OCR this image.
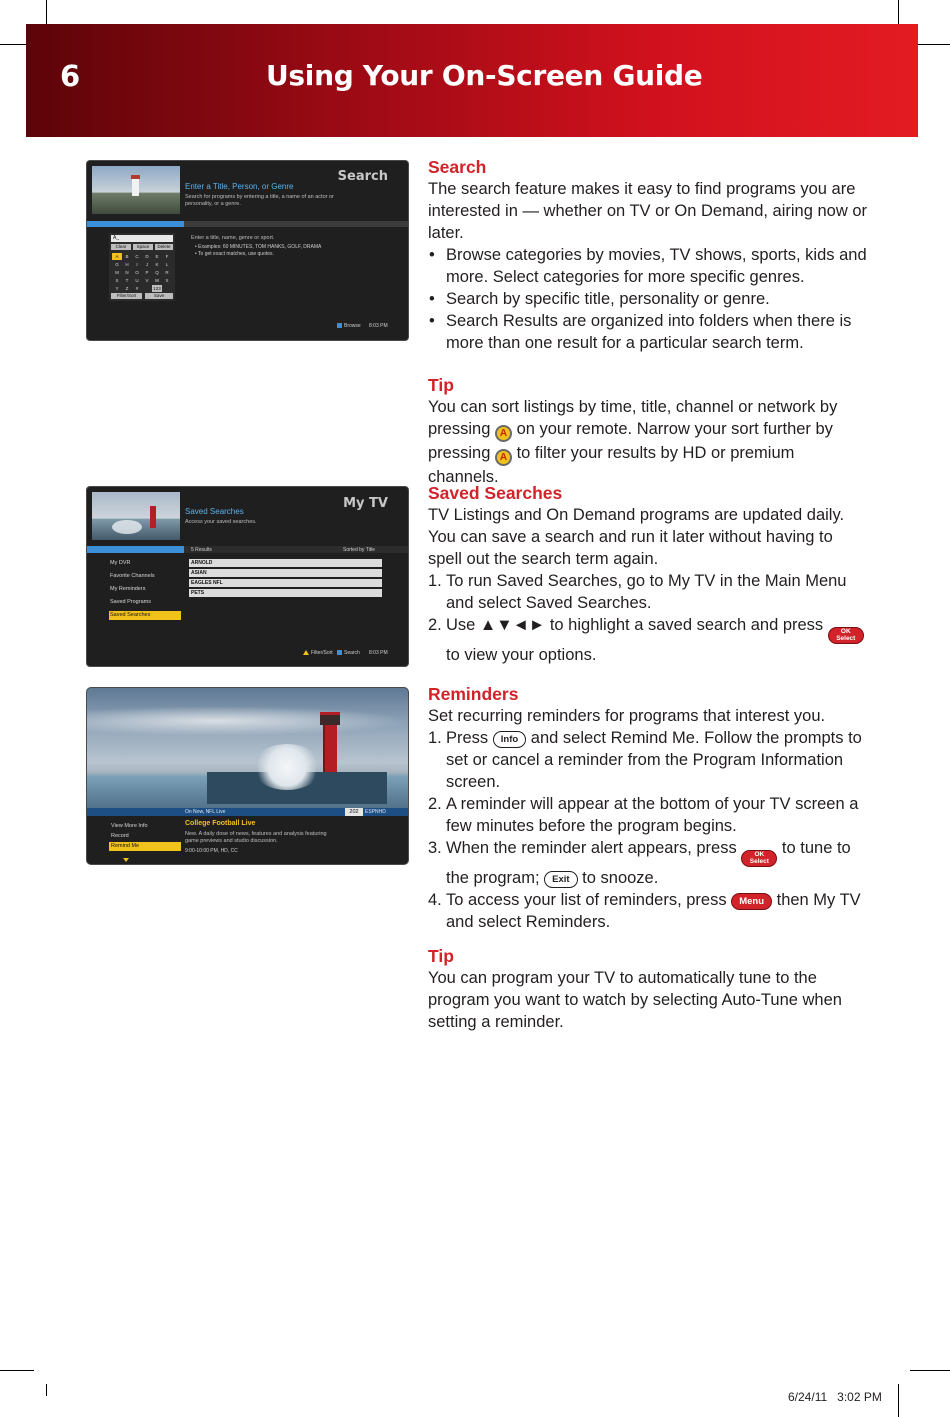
6	Using Your On-Screen Guide
Search
Enter a Title, Person, or Genre
Search for programs by entering a title, a name of an actor or personality, or a genre.
Enter a title, name, genre or sport.
• Examples: 60 MINUTES, TOM HANKS, GOLF, DRAMA
• To get exact matches, use quotes.
A_
Clear	Space	Delete
A	B	C	D	E	F
G	H	I	J	K	L
M	N	O	P	Q	R
S	T	U	V	W	X
Y	Z	#	123
Filter/Sort	Save
Browse 8:03 PM
My TV
Saved Searches
Access your saved searches.
5 Results	Sorted by Title
My DVR
Favorite Channels
My Reminders
Saved Programs
Saved Searches
ARNOLD
ASIAN
EAGLES NFL
PETS
Filter/Sort Search 8:03 PM
On Now, NFL Live	202	ESPNHD
View More Info
Record
Remind Me
College Football Live
New. A daily dose of news, features and analysis featuring game previews and studio discussion.
9:00-10:00 PM, HD, CC
Search
The search feature makes it easy to find programs you are interested in — whether on TV or On Demand, airing now or later.
• Browse categories by movies, TV shows, sports, kids and more. Select categories for more specific genres.
• Search by specific title, personality or genre.
• Search Results are organized into folders when there is more than one result for a particular search term.
Tip
You can sort listings by time, title, channel or network by pressing A on your remote. Narrow your sort further by pressing A to filter your results by HD or premium channels.
Saved Searches
TV Listings and On Demand programs are updated daily. You can save a search and run it later without having to spell out the search term again.
1. To run Saved Searches, go to My TV in the Main Menu and select Saved Searches.
2. Use ▲▼◄► to highlight a saved search and press	OK
Select
to view your options.
Reminders
Set recurring reminders for programs that interest you.
1. Press Info and select Remind Me. Follow the prompts to set or cancel a reminder from the Program Information screen.
2. A reminder will appear at the bottom of your TV screen a few minutes before the program begins.
3. When the reminder alert appears, press	OK
Select
to tune to the program; Exit to snooze.
4. To access your list of reminders, press Menu then My TV and select Reminders.
Tip
You can program your TV to automatically tune to the program you want to watch by selecting Auto-Tune when setting a reminder.
6/24/11   3:02 PM
